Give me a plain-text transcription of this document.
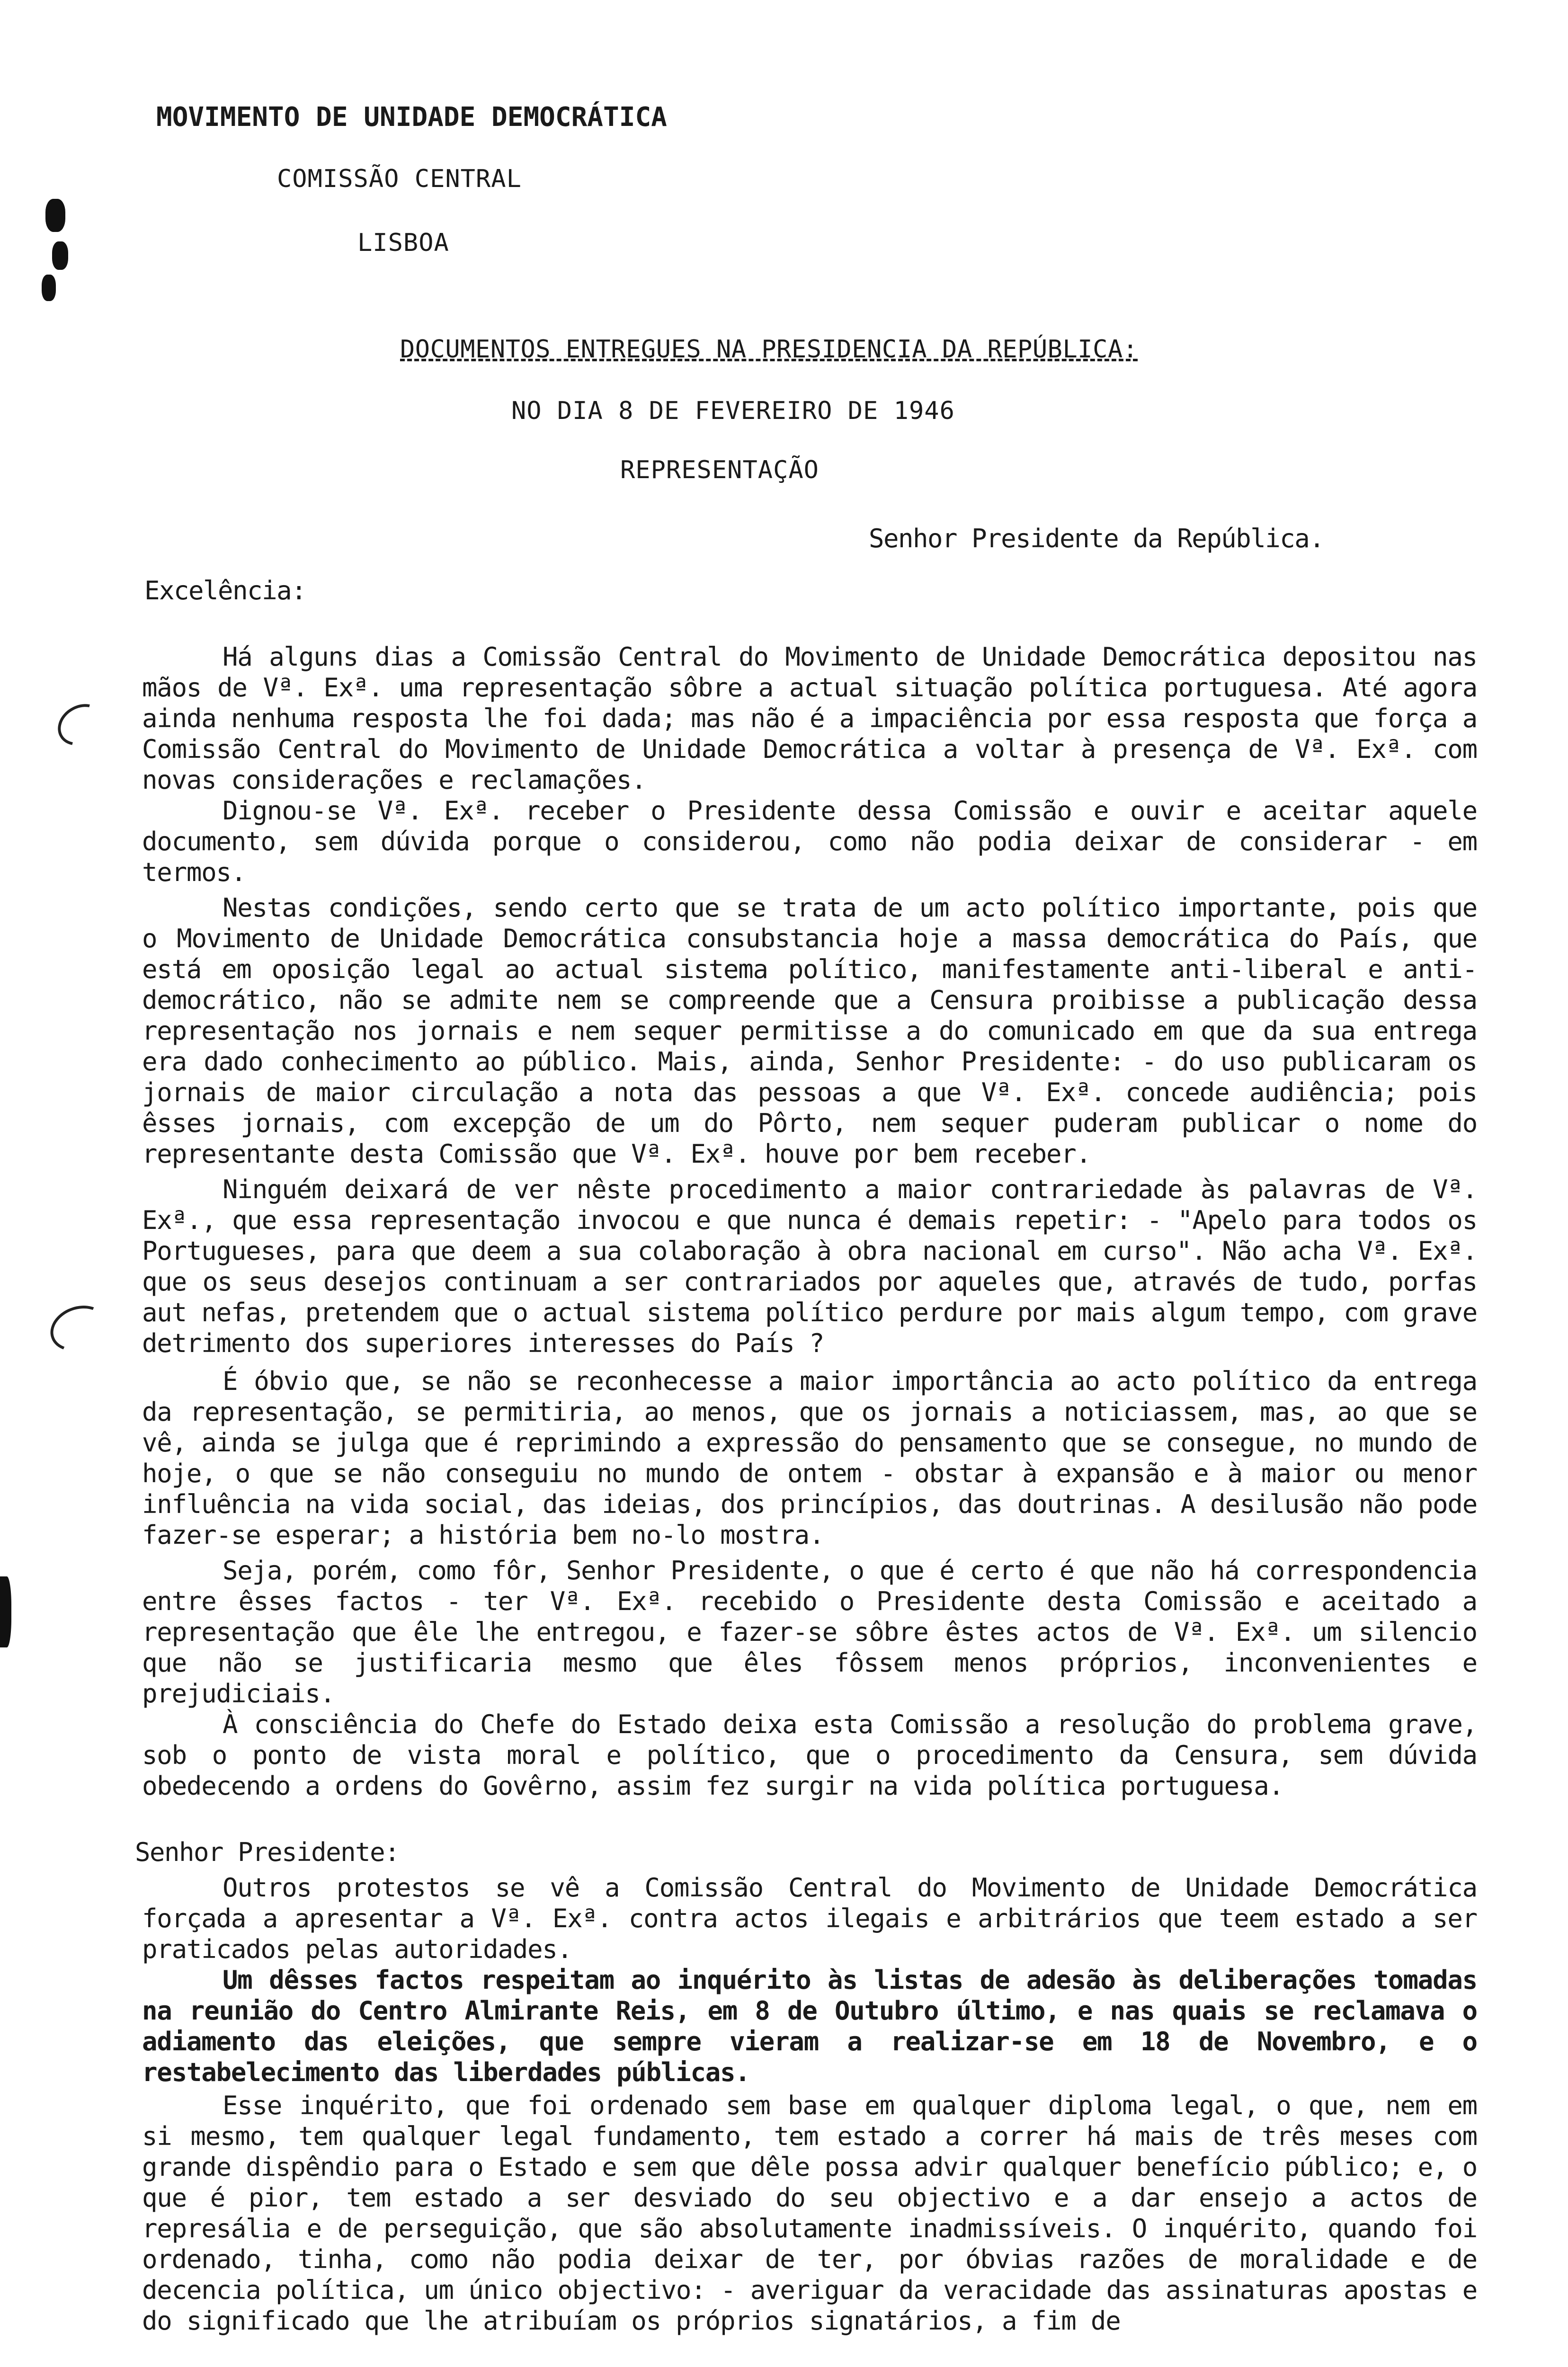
MOVIMENTO DE UNIDADE DEMOCRÁTICA
COMISSÃO CENTRAL
LISBOA
DOCUMENTOS ENTREGUES NA PRESIDENCIA DA REPÚBLICA:
NO DIA 8 DE FEVEREIRO DE 1946
REPRESENTAÇÃO
Senhor Presidente da República.
Excelência:
Há alguns dias a Comissão Central do Movimento de Unidade Democrática depositou nas mãos de Vª. Exª. uma representação sôbre a actual situação política portuguesa. Até agora ainda nenhuma resposta lhe foi dada; mas não é a impaciência por essa resposta que força a Comissão Central do Movimento de Unidade Democrática a voltar à presença de Vª. Exª. com novas considerações e reclamações.
Dignou-se Vª. Exª. receber o Presidente dessa Comissão e ouvir e aceitar aquele documento, sem dúvida porque o considerou, como não podia deixar de considerar - em termos.
Nestas condições, sendo certo que se trata de um acto político importante, pois que o Movimento de Unidade Democrática consubstancia hoje a massa democrática do País, que está em oposição legal ao actual sistema político, manifestamente anti-liberal e anti-democrático, não se admite nem se compreende que a Censura proibisse a publicação dessa representação nos jornais e nem sequer permitisse a do comunicado em que da sua entrega era dado conhecimento ao público. Mais, ainda, Senhor Presidente: - do uso publicaram os jornais de maior circulação a nota das pessoas a que Vª. Exª. concede audiência; pois êsses jornais, com excepção de um do Pôrto, nem sequer puderam publicar o nome do representante desta Comissão que Vª. Exª. houve por bem receber.
Ninguém deixará de ver nêste procedimento a maior contrariedade às palavras de Vª. Exª., que essa representação invocou e que nunca é demais repetir: - "Apelo para todos os Portugueses, para que deem a sua colaboração à obra nacional em curso". Não acha Vª. Exª. que os seus desejos continuam a ser contrariados por aqueles que, através de tudo, porfas aut nefas, pretendem que o actual sistema político perdure por mais algum tempo, com grave detrimento dos superiores interesses do País ?
É óbvio que, se não se reconhecesse a maior importância ao acto político da entrega da representação, se permitiria, ao menos, que os jornais a noticiassem, mas, ao que se vê, ainda se julga que é reprimindo a expressão do pensamento que se consegue, no mundo de hoje, o que se não conseguiu no mundo de ontem - obstar à expansão e à maior ou menor influência na vida social, das ideias, dos princípios, das doutrinas. A desilusão não pode fazer-se esperar; a história bem no-lo mostra.
Seja, porém, como fôr, Senhor Presidente, o que é certo é que não há correspondencia entre êsses factos - ter Vª. Exª. recebido o Presidente desta Comissão e aceitado a representação que êle lhe entregou, e fazer-se sôbre êstes actos de Vª. Exª. um silencio que não se justificaria mesmo que êles fôssem menos próprios, inconvenientes e prejudiciais.
À consciência do Chefe do Estado deixa esta Comissão a resolução do problema grave, sob o ponto de vista moral e político, que o procedimento da Censura, sem dúvida obedecendo a ordens do Govêrno, assim fez surgir na vida política portuguesa.
Senhor Presidente:
Outros protestos se vê a Comissão Central do Movimento de Unidade Democrática forçada a apresentar a Vª. Exª. contra actos ilegais e arbitrários que teem estado a ser praticados pelas autoridades.
Um dêsses factos respeitam ao inquérito às listas de adesão às deliberações tomadas na reunião do Centro Almirante Reis, em 8 de Outubro último, e nas quais se reclamava o adiamento das eleições, que sempre vieram a realizar-se em 18 de Novembro, e o restabelecimento das liberdades públicas.
Esse inquérito, que foi ordenado sem base em qualquer diploma legal, o que, nem em si mesmo, tem qualquer legal fundamento, tem estado a correr há mais de três meses com grande dispêndio para o Estado e sem que dêle possa advir qualquer benefício público; e, o que é pior, tem estado a ser desviado do seu objectivo e a dar ensejo a actos de represália e de perseguição, que são absolutamente inadmissíveis. O inquérito, quando foi ordenado, tinha, como não podia deixar de ter, por óbvias razões de moralidade e de decencia política, um único objectivo: - averiguar da veracidade das assinaturas apostas e do significado que lhe atribuíam os próprios signatários, a fim de
